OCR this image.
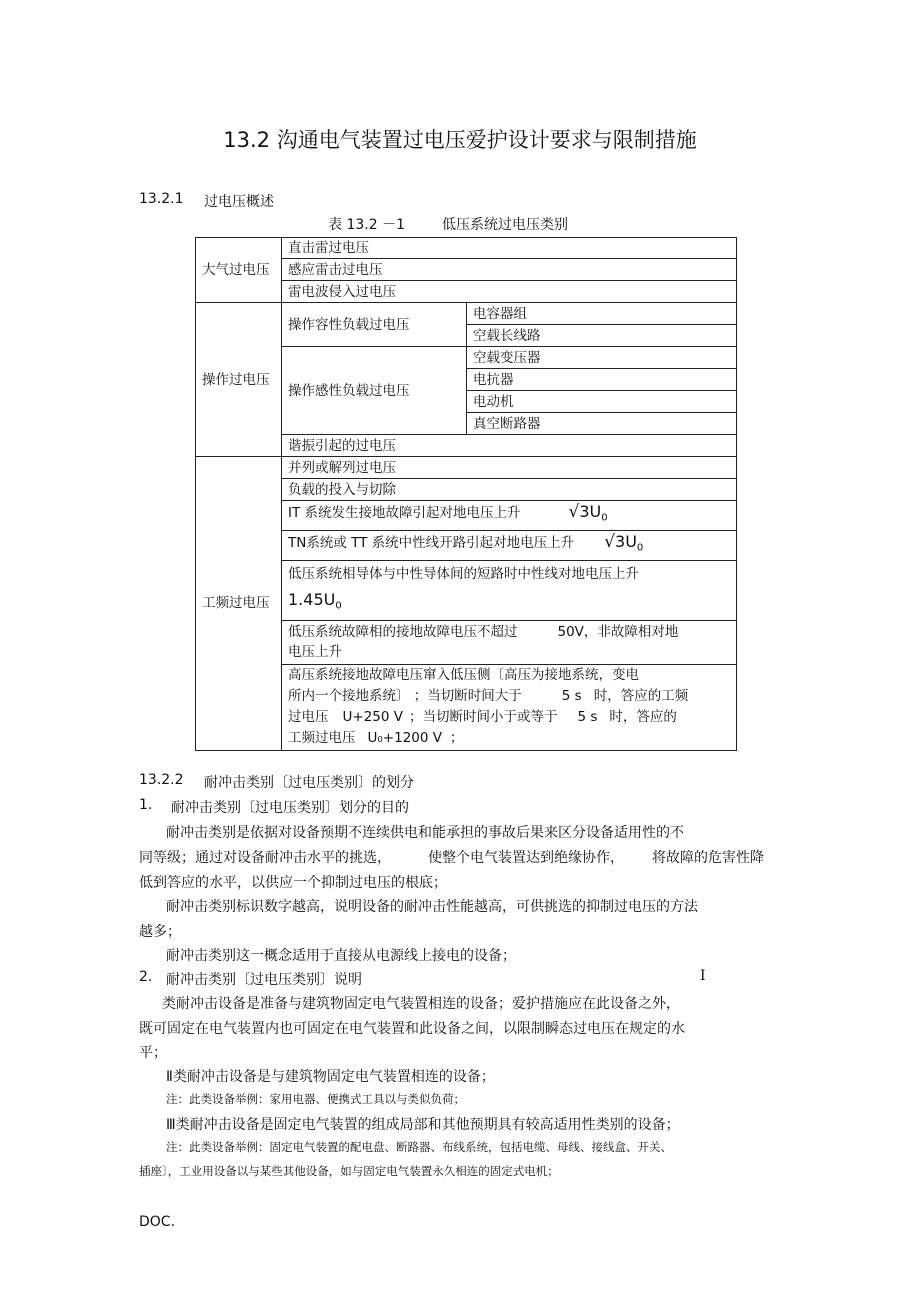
13.2 沟通电气装置过电压爱护设计要求与限制措施
13.2.1 过电压概述
表 13.2 －1	低压系统过电压类别
大气过电压	直击雷过电压	
	感应雷击过电压	
	雷电波侵入过电压	
操作过电压	操作容性负载过电压	电容器组
		空载长线路
	操作感性负载过电压	空载变压器
		电抗器
		电动机
		真空断路器
	谐振引起的过电压	
工频过电压	并列或解列过电压	
	负载的投入与切除	
	IT 系统发生接地故障引起对地电压上升 $√3U_0$
	TN系统或 TT 系统中性线开路引起对地电压上升 $√3U_0$

	低压系统相导体与中性导体间的短路时中性线对地电压上升
$1.45U_0$

	低压系统故障相的接地故障电压不超过 50V，非故障相对地
电压上升	

	高压系统接地故障电压窜入低压侧〔高压为接地系统，变电
所内一个接地系统〕 ；当切断时间大于 5 s 时，答应的工频
过电压 U+250 V ；当切断时间小于或等于 5 s 时，答应的
工频过电压 U₀+1200 V ；	
13.2.2 耐冲击类别〔过电压类别〕的划分
1. 耐冲击类别〔过电压类别〕划分的目的
耐冲击类别是依据对设备预期不连续供电和能承担的事故后果来区分设备适用性的不
同等级；通过对设备耐冲击水平的挑选，	使整个电气装置达到绝缘协作， 将故障的危害性降
低到答应的水平，以供应一个抑制过电压的根底；
耐冲击类别标识数字越高，说明设备的耐冲击性能越高，可供挑选的抑制过电压的方法
越多；
耐冲击类别这一概念适用于直接从电源线上接电的设备；
2. 耐冲击类别〔过电压类别〕说明	I
类耐冲击设备是准备与建筑物固定电气装置相连的设备；爱护措施应在此设备之外，
既可固定在电气装置内也可固定在电气装置和此设备之间，以限制瞬态过电压在规定的水
平；
Ⅱ类耐冲击设备是与建筑物固定电气装置相连的设备；
注：此类设备举例：家用电器、便携式工具以与类似负荷；
Ⅲ类耐冲击设备是固定电气装置的组成局部和其他预期具有较高适用性类别的设备；
注：此类设备举例：固定电气装置的配电盘、断路器、布线系统，包括电缆、母线、接线盒、开关、
插座〕，工业用设备以与某些其他设备，如与固定电气装置永久相连的固定式电机；
DOC.
